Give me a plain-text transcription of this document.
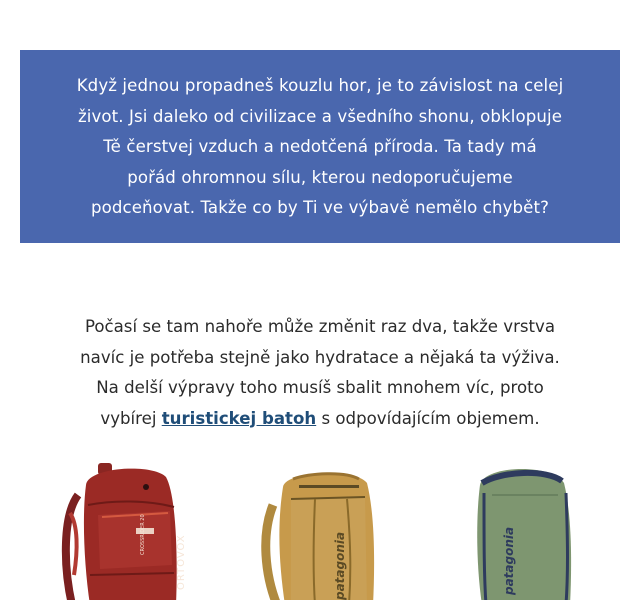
Když jednou propadneš kouzlu hor, je to závislost na celej
život. Jsi daleko od civilizace a všedního shonu, obklopuje
Tě čerstvej vzduch a nedotčená příroda. Ta tady má
pořád ohromnou sílu, kterou nedoporučujeme
podceňovat. Takže co by Ti ve výbavě nemělo chybět?
Počasí se tam nahoře může změnit raz dva, takže vrstva
navíc je potřeba stejně jako hydratace a nějaká ta výživa.
Na delší výpravy toho musíš sbalit mnohem víc, proto
vybírej turistickej batoh s odpovídajícím objemem.
CROSSRIDER 20	ORTOVOX	patagonia	patagonia
